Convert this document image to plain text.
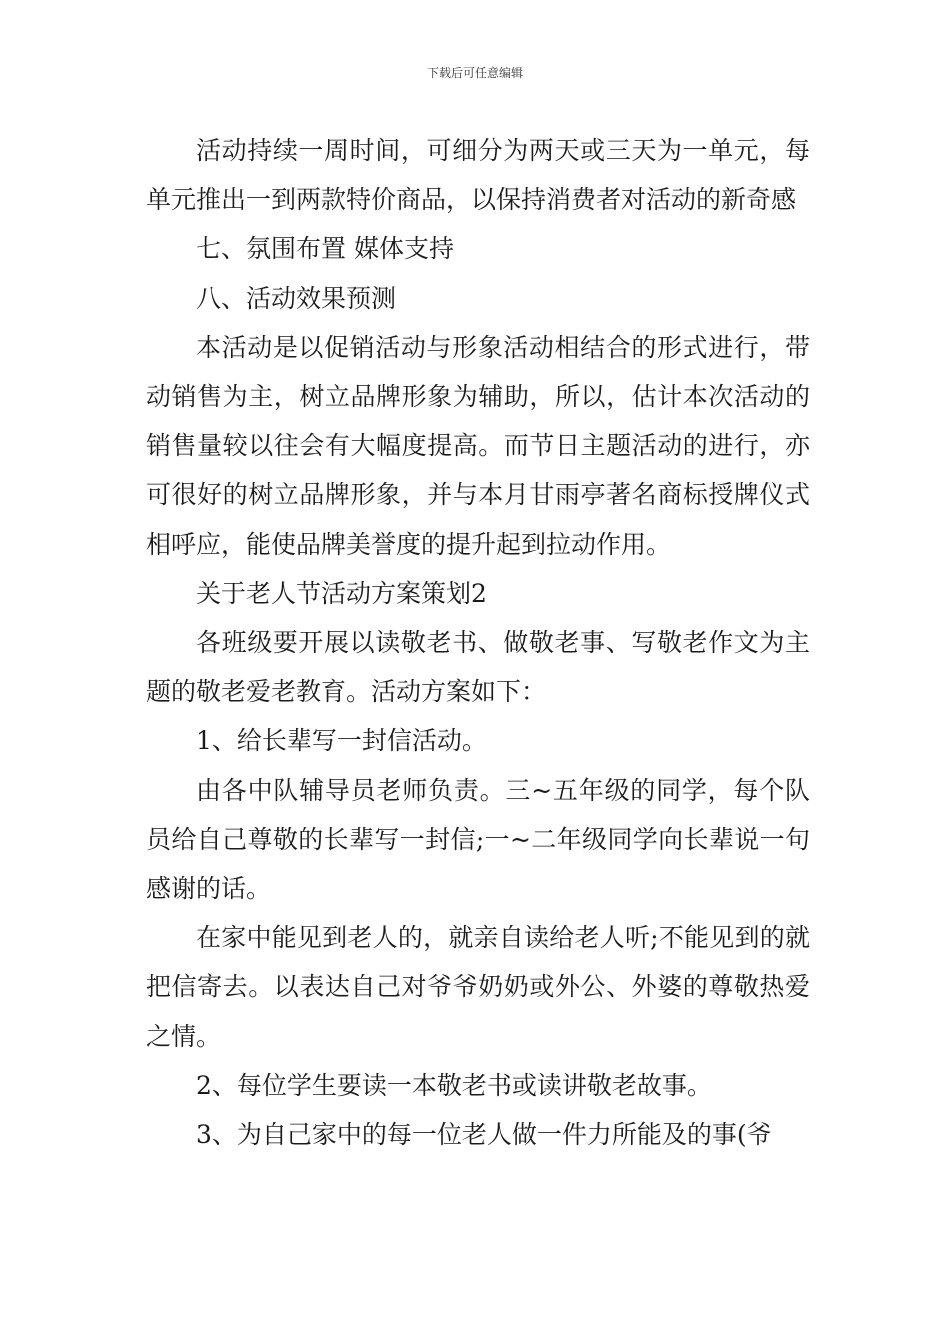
下载后可任意编辑

活动持续一周时间，可细分为两天或三天为一单元，每单元推出一到两款特价商品，以保持消费者对活动的新奇感

七、氛围布置 媒体支持

八、活动效果预测

本活动是以促销活动与形象活动相结合的形式进行，带动销售为主，树立品牌形象为辅助，所以，估计本次活动的销售量较以往会有大幅度提高。而节日主题活动的进行，亦可很好的树立品牌形象，并与本月甘雨亭著名商标授牌仪式相呼应，能使品牌美誉度的提升起到拉动作用。

关于老人节活动方案策划2

各班级要开展以读敬老书、做敬老事、写敬老作文为主题的敬老爱老教育。活动方案如下：

1、给长辈写一封信活动。

由各中队辅导员老师负责。三~五年级的同学，每个队员给自己尊敬的长辈写一封信;一~二年级同学向长辈说一句感谢的话。

在家中能见到老人的，就亲自读给老人听;不能见到的就把信寄去。以表达自己对爷爷奶奶或外公、外婆的尊敬热爱之情。

2、每位学生要读一本敬老书或读讲敬老故事。

3、为自己家中的每一位老人做一件力所能及的事(爷
